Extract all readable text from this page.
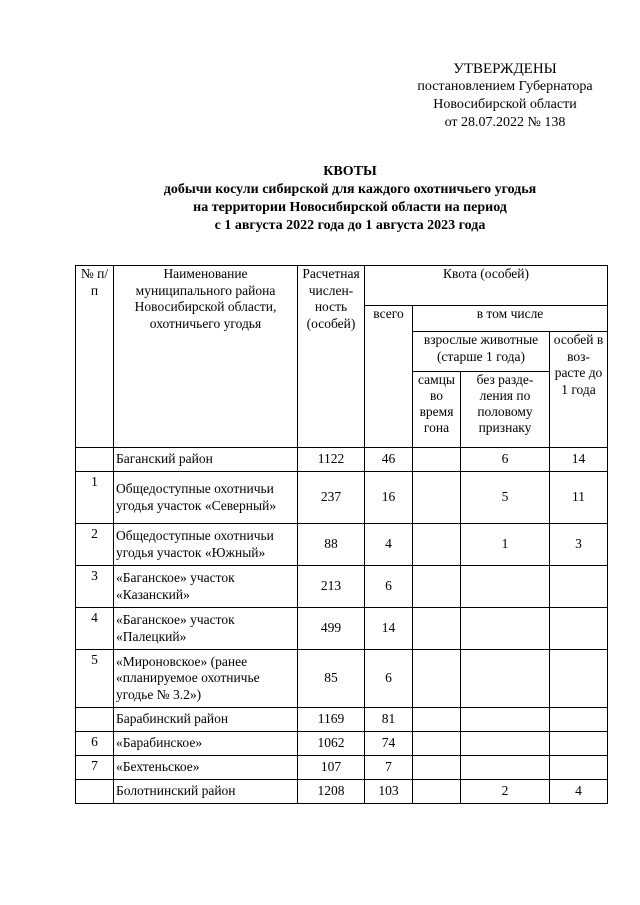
УТВЕРЖДЕНЫ
постановлением Губернатора
Новосибирской области
от 28.07.2022 № 138
КВОТЫ
добычи косули сибирской для каждого охотничьего угодья
на территории Новосибирской области на период
с 1 августа 2022 года до 1 августа 2023 года
№ п/п	Наименование муниципального района Новосибирской области, охотничьего угодья	Расчетная числен-ность (особей)	Квота (особей)			
			всего	в том числе		
				взрослые животные (старше 1 года)		особей в воз-расте до 1 года
				самцы во время гона	без разде-ления по половому признаку	
	Баганский район	1122	46		6	14
1	Общедоступные охотничьи угодья участок «Северный»	237	16		5	11
2	Общедоступные охотничьи угодья участок «Южный»	88	4		1	3
3	«Баганское» участок «Казанский»	213	6			
4	«Баганское» участок «Палецкий»	499	14			
5	«Мироновское» (ранее «планируемое охотничье угодье № 3.2»)	85	6			
	Барабинский район	1169	81			
6	«Барабинское»	1062	74			
7	«Бехтеньское»	107	7			
	Болотнинский район	1208	103		2	4
